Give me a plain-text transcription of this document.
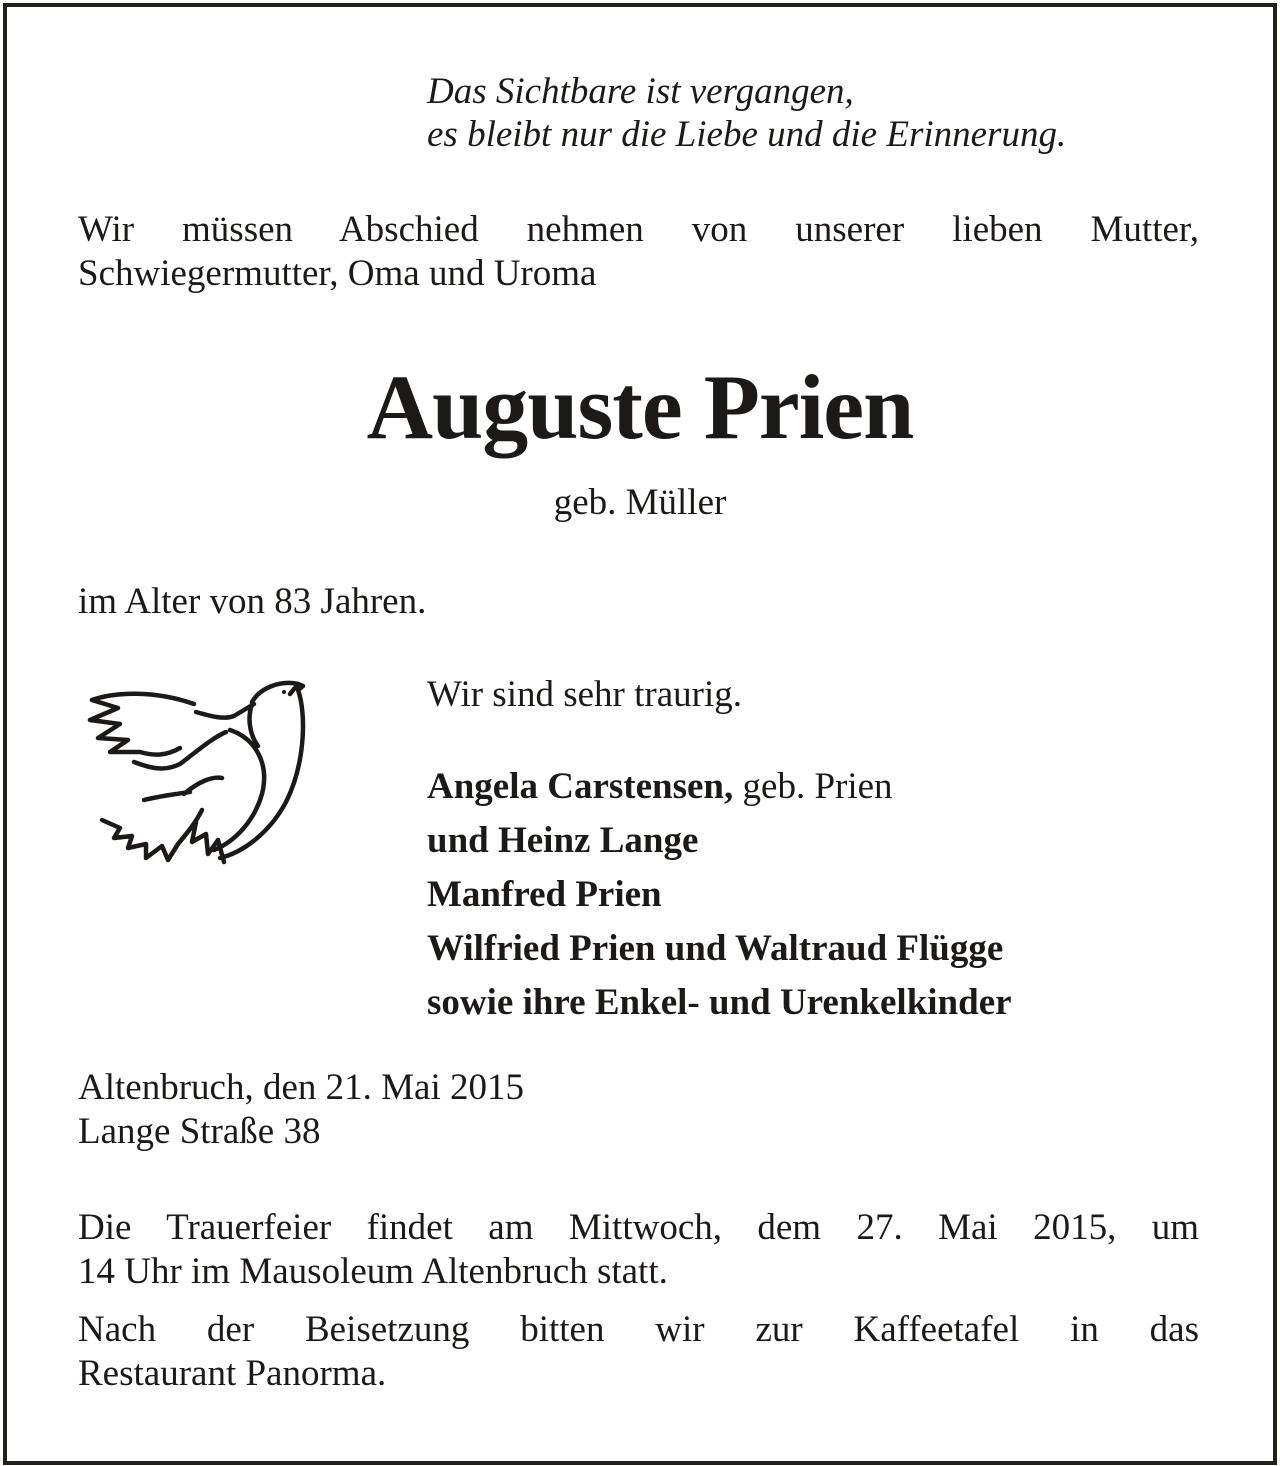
Das Sichtbare ist vergangen,
es bleibt nur die Liebe und die Erinnerung.
Wir müssen Abschied nehmen von unserer lieben Mutter,
Schwiegermutter, Oma und Uroma
Auguste Prien
geb. Müller
im Alter von 83 Jahren.
Wir sind sehr traurig.
Angela Carstensen, geb. Prien
und Heinz Lange
Manfred Prien
Wilfried Prien und Waltraud Flügge
sowie ihre Enkel- und Urenkelkinder
Altenbruch, den 21. Mai 2015
Lange Straße 38
Die Trauerfeier findet am Mittwoch, dem 27. Mai 2015, um
14 Uhr im Mausoleum Altenbruch statt.
Nach der Beisetzung bitten wir zur Kaffeetafel in das
Restaurant Panorma.
